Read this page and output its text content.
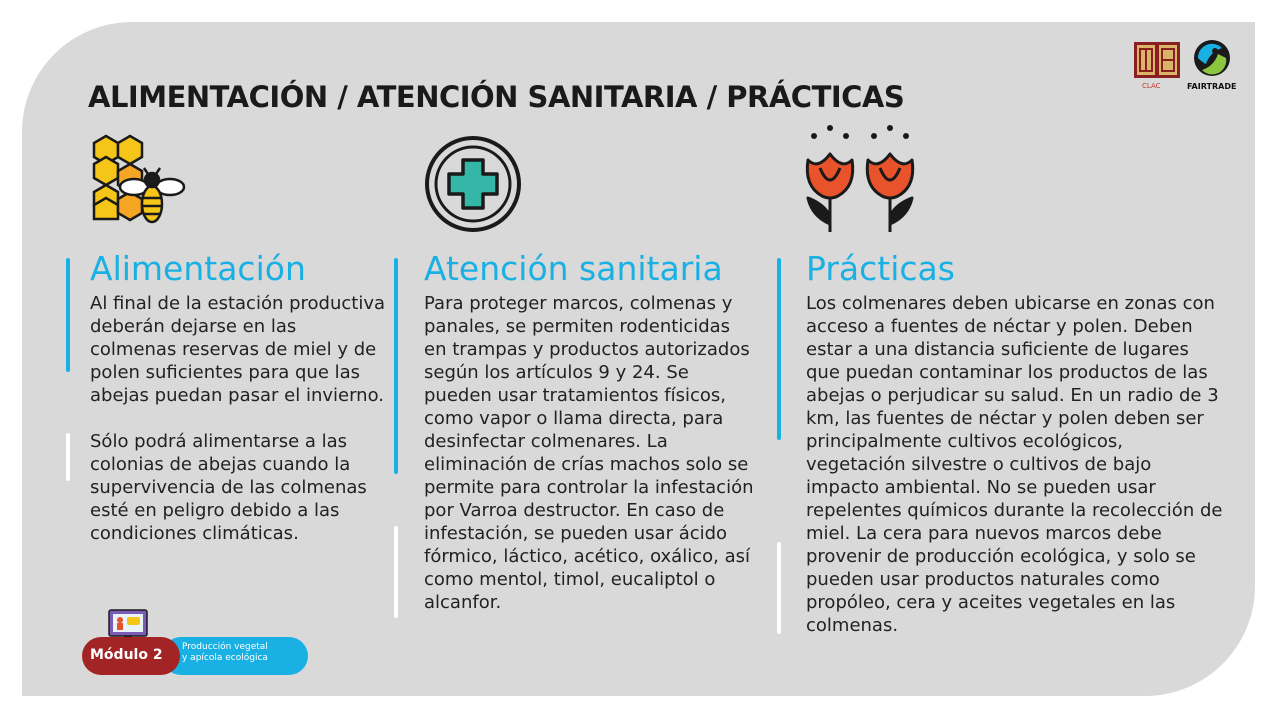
CLAC	FAIRTRADE
ALIMENTACIÓN / ATENCIÓN SANITARIA / PRÁCTICAS
Alimentación

Al final de la estación productiva deberán dejarse en las colmenas reservas de miel y de polen suficientes para que las abejas puedan pasar el invierno.

Sólo podrá alimentarse a las colonias de abejas cuando la supervivencia de las colmenas esté en peligro debido a las condiciones climáticas.

Atención sanitaria

Para proteger marcos, colmenas y panales, se permiten rodenticidas en trampas y productos autorizados según los artículos 9 y 24. Se pueden usar tratamientos físicos, como vapor o llama directa, para desinfectar colmenares. La eliminación de crías machos solo se permite para controlar la infestación por Varroa destructor. En caso de infestación, se pueden usar ácido fórmico, láctico, acético, oxálico, así como mentol, timol, eucaliptol o alcanfor.

Prácticas

Los colmenares deben ubicarse en zonas con acceso a fuentes de néctar y polen. Deben estar a una distancia suficiente de lugares que puedan contaminar los productos de las abejas o perjudicar su salud. En un radio de 3 km, las fuentes de néctar y polen deben ser principalmente cultivos ecológicos, vegetación silvestre o cultivos de bajo impacto ambiental. No se pueden usar repelentes químicos durante la recolección de miel. La cera para nuevos marcos debe provenir de producción ecológica, y solo se pueden usar productos naturales como propóleo, cera y aceites vegetales en las colmenas.

Módulo 2 Producción vegetal
y apícola ecológica
